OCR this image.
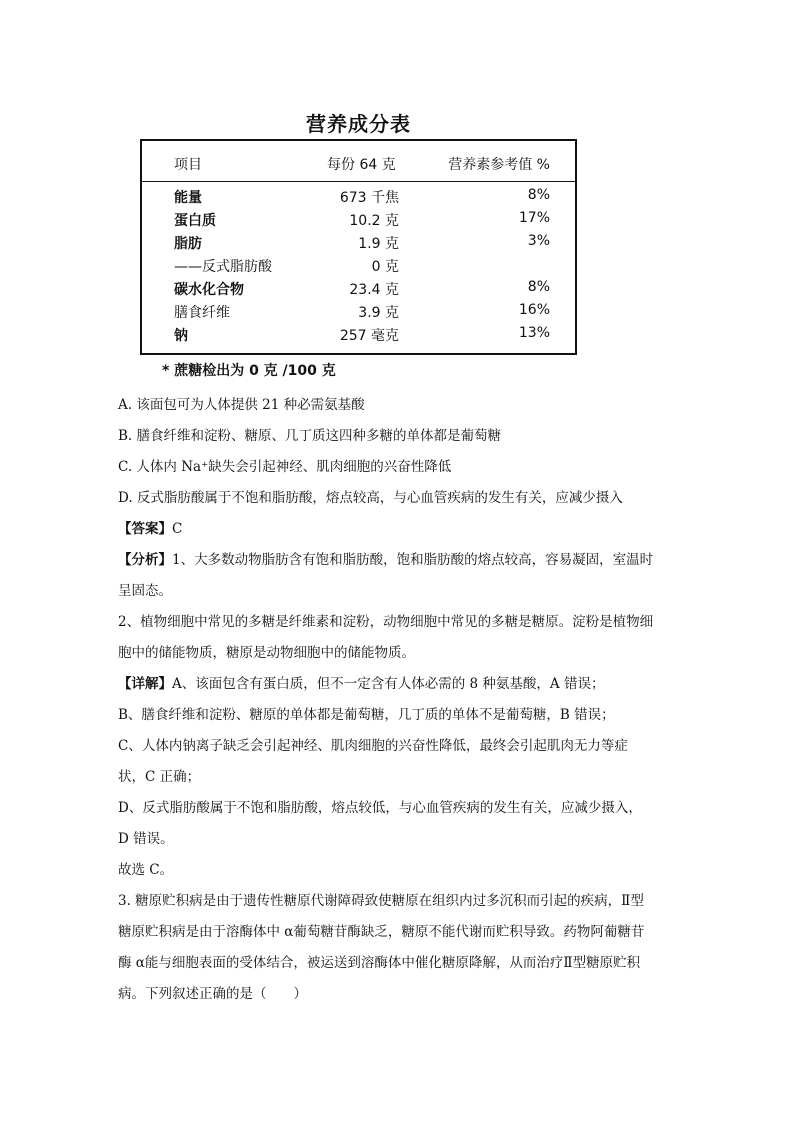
营养成分表
项目	每份 64 克	营养素参考值 %
能量	673 千焦	8%
蛋白质	10.2 克	17%
脂肪	1.9 克	3%
——反式脂肪酸	0 克
碳水化合物	23.4 克	8%
膳食纤维	3.9 克	16%
钠	257 毫克	13%
* 蔗糖检出为 0 克 /100 克
A. 该面包可为人体提供 21 种必需氨基酸
B. 膳食纤维和淀粉、糖原、几丁质这四种多糖的单体都是葡萄糖
C. 人体内 Na⁺缺失会引起神经、肌肉细胞的兴奋性降低
D. 反式脂肪酸属于不饱和脂肪酸，熔点较高，与心血管疾病的发生有关，应减少摄入
【答案】C
【分析】1、大多数动物脂肪含有饱和脂肪酸，饱和脂肪酸的熔点较高，容易凝固，室温时
呈固态。
2、植物细胞中常见的多糖是纤维素和淀粉，动物细胞中常见的多糖是糖原。淀粉是植物细
胞中的储能物质，糖原是动物细胞中的储能物质。
【详解】A、该面包含有蛋白质，但不一定含有人体必需的 8 种氨基酸，A 错误；
B、膳食纤维和淀粉、糖原的单体都是葡萄糖，几丁质的单体不是葡萄糖，B 错误；
C、人体内钠离子缺乏会引起神经、肌肉细胞的兴奋性降低，最终会引起肌肉无力等症
状，C 正确；
D、反式脂肪酸属于不饱和脂肪酸，熔点较低，与心血管疾病的发生有关，应减少摄入，
D 错误。
故选 C。
3. 糖原贮积病是由于遗传性糖原代谢障碍致使糖原在组织内过多沉积而引起的疾病，Ⅱ型
糖原贮积病是由于溶酶体中 α葡萄糖苷酶缺乏，糖原不能代谢而贮积导致。药物阿葡糖苷
酶 α能与细胞表面的受体结合，被运送到溶酶体中催化糖原降解，从而治疗Ⅱ型糖原贮积
病。下列叙述正确的是（　　）
